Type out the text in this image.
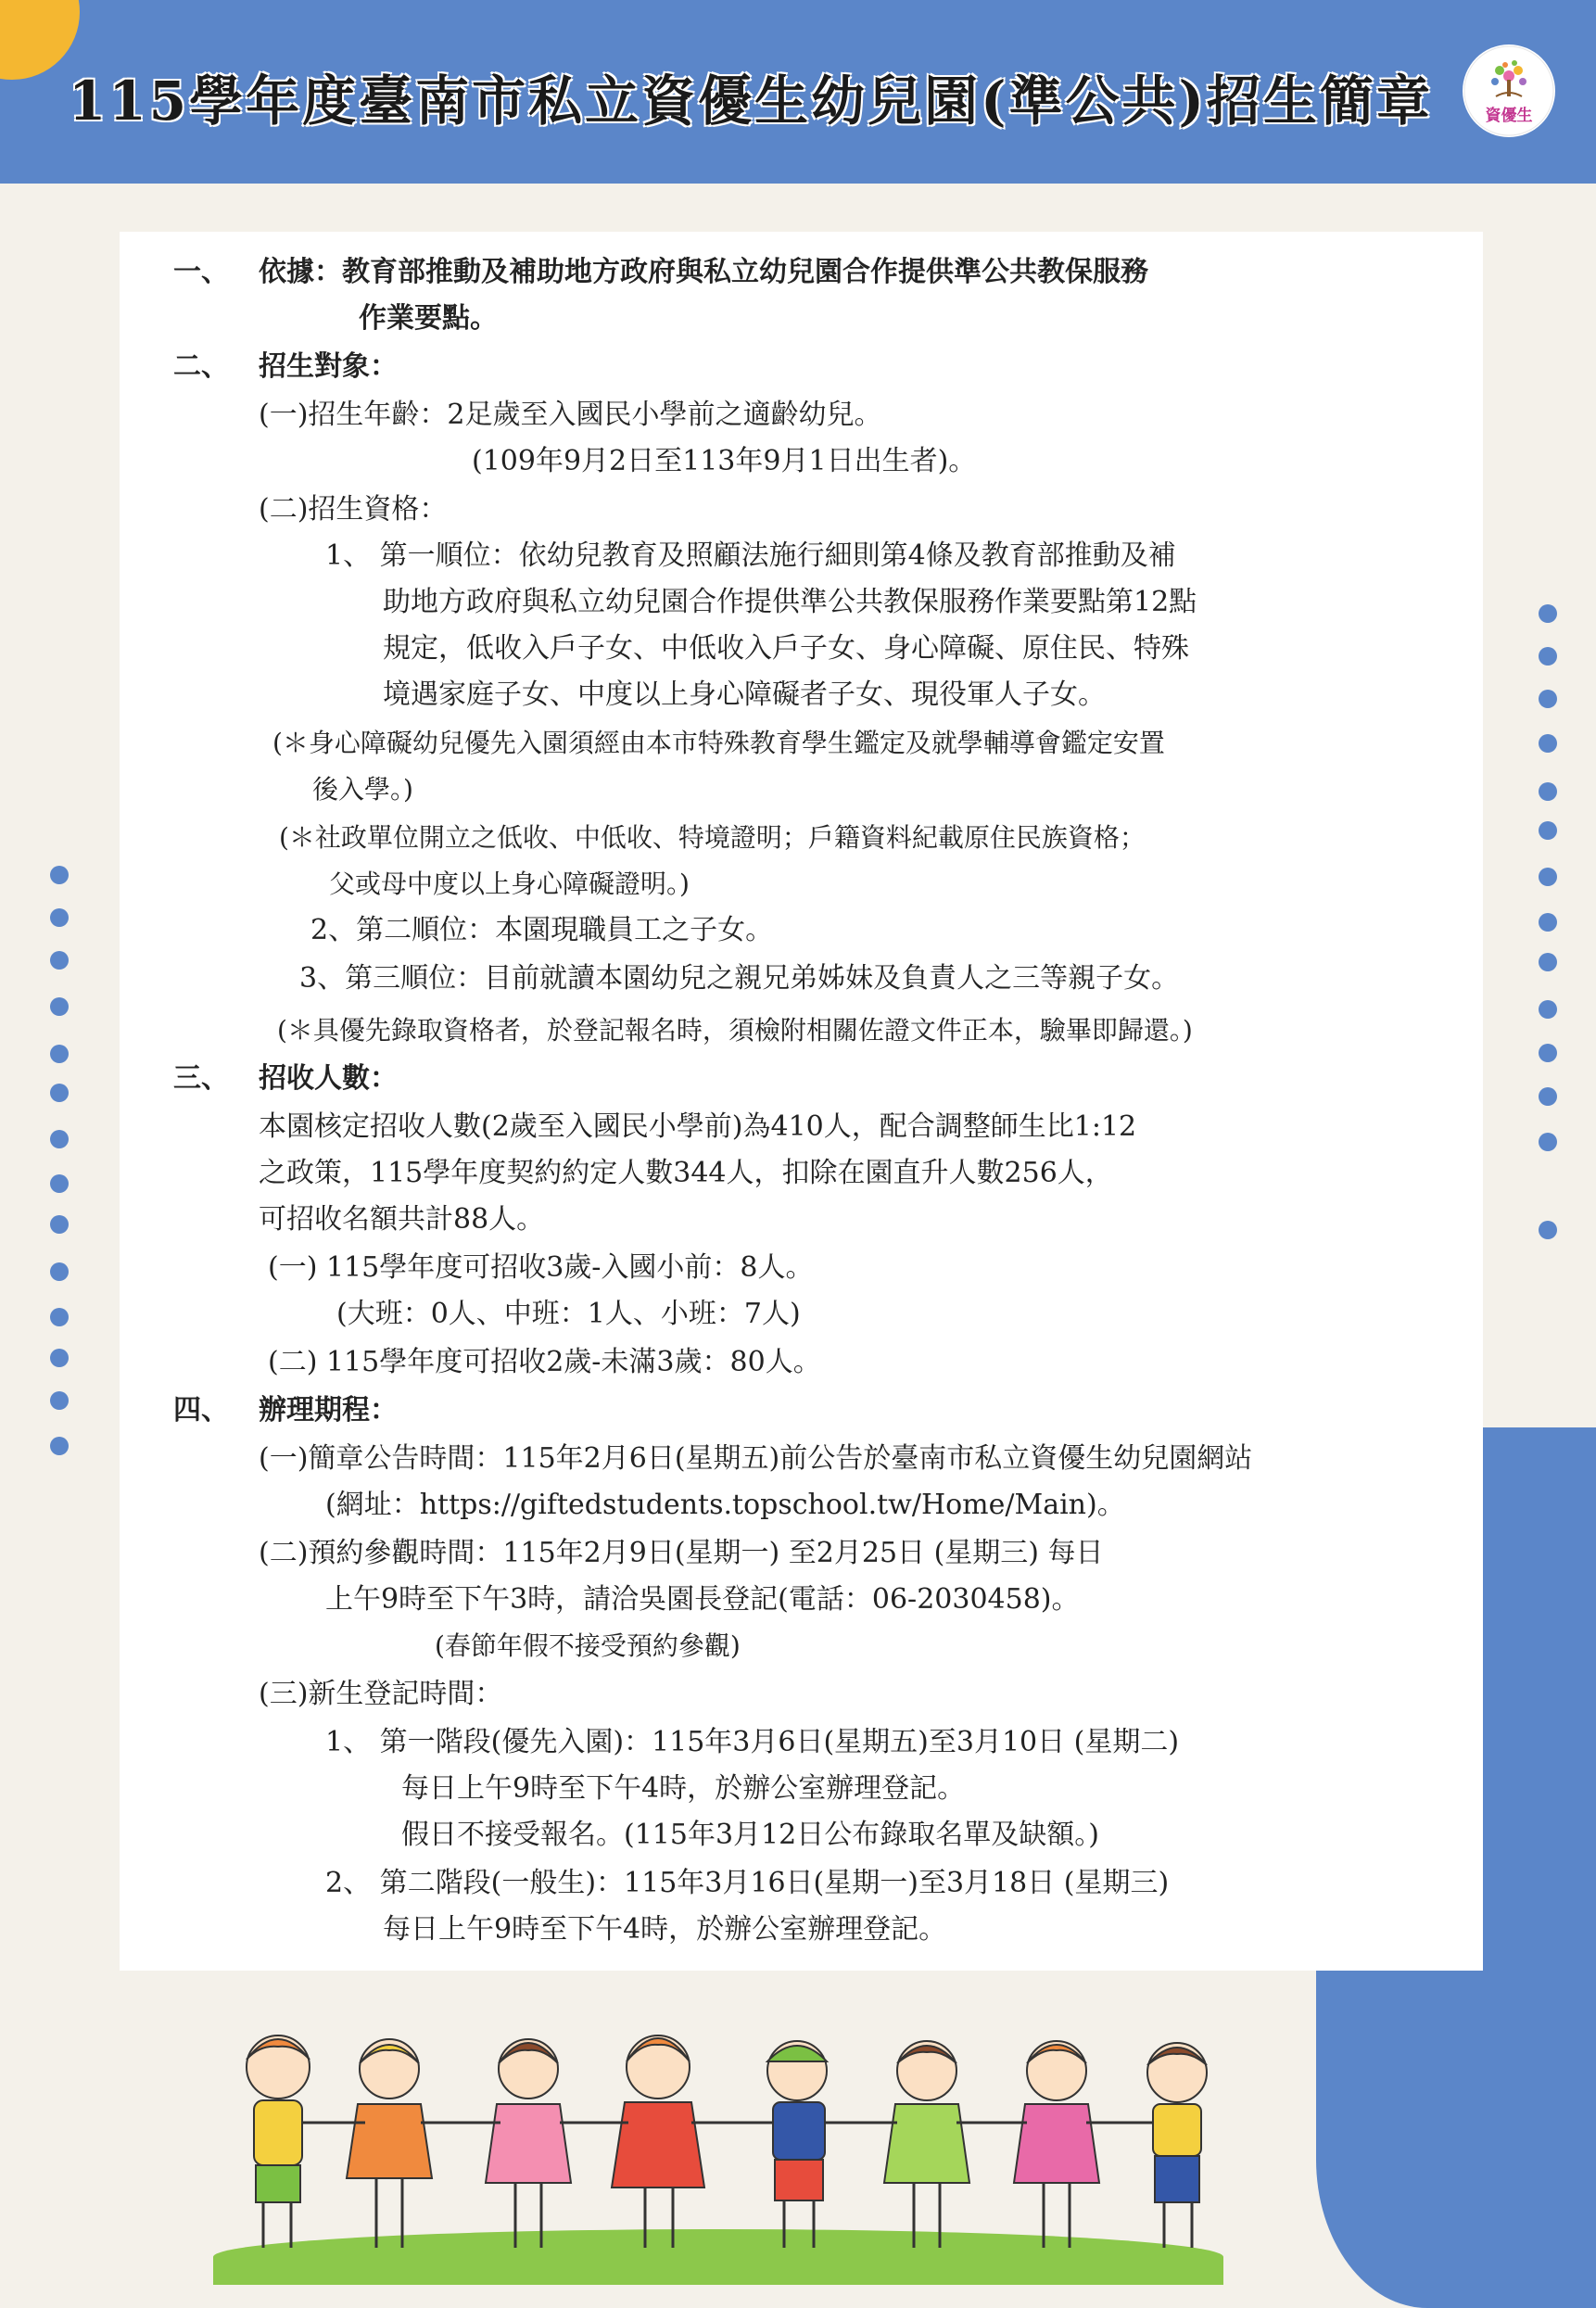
115學年度臺南市私立資優生幼兒園(準公共)招生簡章	資優生
一、 依據：教育部推動及補助地方政府與私立幼兒園合作提供準公共教保服務
作業要點。
二、 招生對象：
(一)招生年齡：2足歲至入國民小學前之適齡幼兒。
(109年9月2日至113年9月1日出生者)。
(二)招生資格：
1、 第一順位：依幼兒教育及照顧法施行細則第4條及教育部推動及補
助地方政府與私立幼兒園合作提供準公共教保服務作業要點第12點
規定，低收入戶子女、中低收入戶子女、身心障礙、原住民、特殊
境遇家庭子女、中度以上身心障礙者子女、現役軍人子女。
(＊身心障礙幼兒優先入園須經由本市特殊教育學生鑑定及就學輔導會鑑定安置
後入學。)
(＊社政單位開立之低收、中低收、特境證明；戶籍資料紀載原住民族資格；
父或母中度以上身心障礙證明。)
2、第二順位：本園現職員工之子女。
3、第三順位：目前就讀本園幼兒之親兄弟姊妹及負責人之三等親子女。
(＊具優先錄取資格者，於登記報名時，須檢附相關佐證文件正本，驗畢即歸還。)
三、 招收人數：
本園核定招收人數(2歲至入國民小學前)為410人，配合調整師生比1:12
之政策，115學年度契約約定人數344人，扣除在園直升人數256人，
可招收名額共計88人。
(一) 115學年度可招收3歲-入國小前：8人。
(大班：0人、中班：1人、小班：7人)
(二) 115學年度可招收2歲-未滿3歲：80人。
四、 辦理期程：
(一)簡章公告時間：115年2月6日(星期五)前公告於臺南市私立資優生幼兒園網站
(網址：https://giftedstudents.topschool.tw/Home/Main)。
(二)預約參觀時間：115年2月9日(星期一) 至2月25日 (星期三) 每日
上午9時至下午3時，請洽吳園長登記(電話：06-2030458)。
(春節年假不接受預約參觀)
(三)新生登記時間：
1、 第一階段(優先入園)：115年3月6日(星期五)至3月10日 (星期二)
每日上午9時至下午4時，於辦公室辦理登記。
假日不接受報名。(115年3月12日公布錄取名單及缺額。)
2、 第二階段(一般生)：115年3月16日(星期一)至3月18日 (星期三)
每日上午9時至下午4時，於辦公室辦理登記。
